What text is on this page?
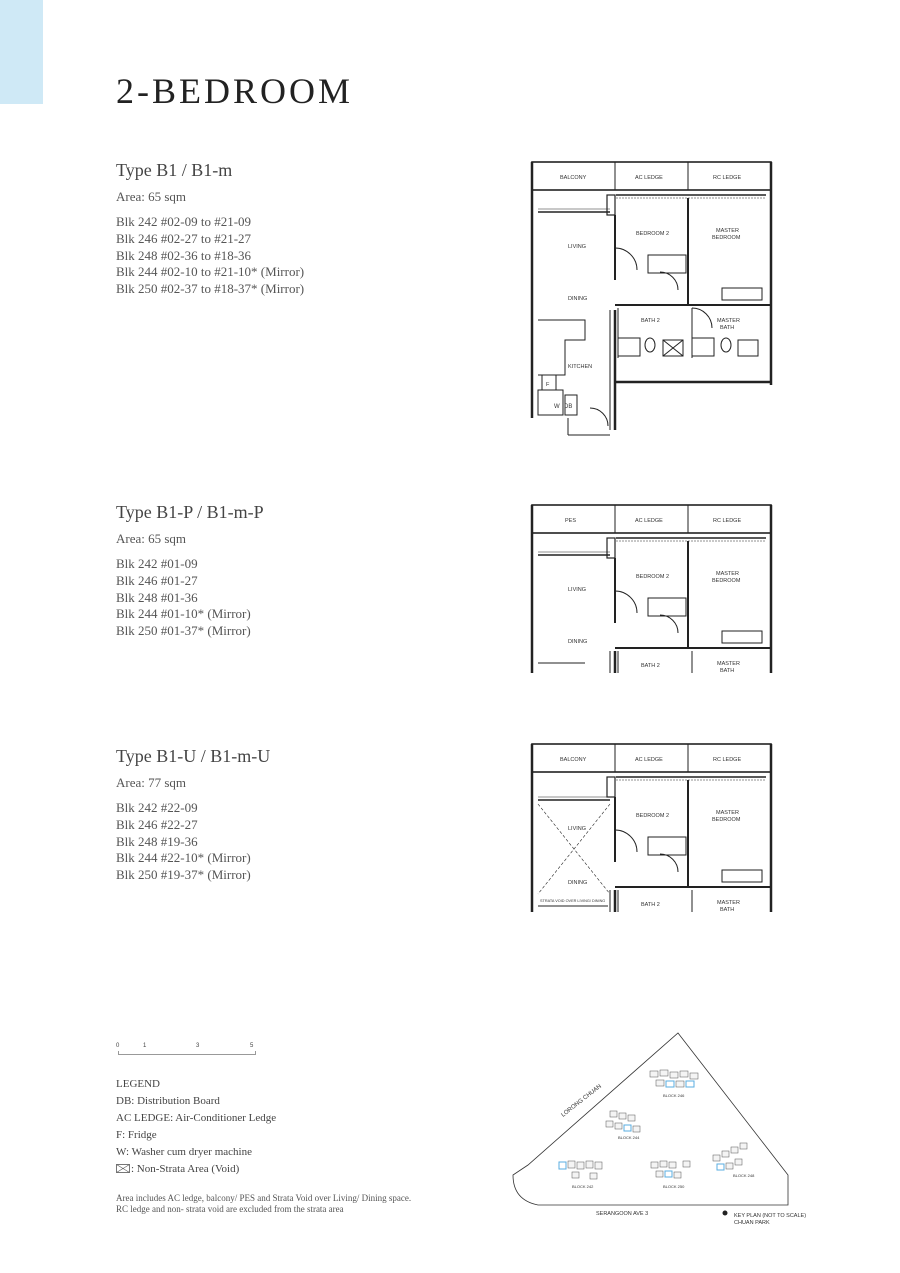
2-BEDROOM
Type B1 / B1-m
Area: 65 sqm
Blk 242 #02-09 to #21-09
Blk 246 #02-27 to #21-27
Blk 248 #02-36 to #18-36
Blk 244 #02-10 to #21-10* (Mirror)
Blk 250 #02-37 to #18-37* (Mirror)
Type B1-P / B1-m-P
Area: 65 sqm
Blk 242 #01-09
Blk 246 #01-27
Blk 248 #01-36
Blk 244 #01-10* (Mirror)
Blk 250 #01-37* (Mirror)
Type B1-U / B1-m-U
Area: 77 sqm
Blk 242 #22-09
Blk 246 #22-27
Blk 248 #19-36
Blk 244 #22-10* (Mirror)
Blk 250 #19-37* (Mirror)
BALCONY	AC LEDGE	RC LEDGE
BEDROOM 2	MASTER
BEDROOM
LIVING
DINING
BATH 2	MASTER
BATH
KITCHEN
F
W DB
PES	AC LEDGE	RC LEDGE
BEDROOM 2	MASTER
BEDROOM
LIVING
DINING
BATH 2	MASTER
BATH
BALCONY	AC LEDGE	RC LEDGE
BEDROOM 2	MASTER
BEDROOM
LIVING
DINING
STRATA VOID OVER LIVING/ DINING
BATH 2	MASTER
BATH
0	1	3	5
LEGEND
DB: Distribution Board
AC LEDGE: Air-Conditioner Ledge
F: Fridge
W: Washer cum dryer machine
: Non-Strata Area (Void)
Area includes AC ledge, balcony/ PES and Strata Void over Living/ Dining space.
RC ledge and non- strata void are excluded from the strata area
BLOCK 246
BLOCK 244
BLOCK 248
BLOCK 242	BLOCK 250
LORONG CHUAN
SERANGOON AVE 3	KEY PLAN (NOT TO SCALE)
CHUAN PARK
